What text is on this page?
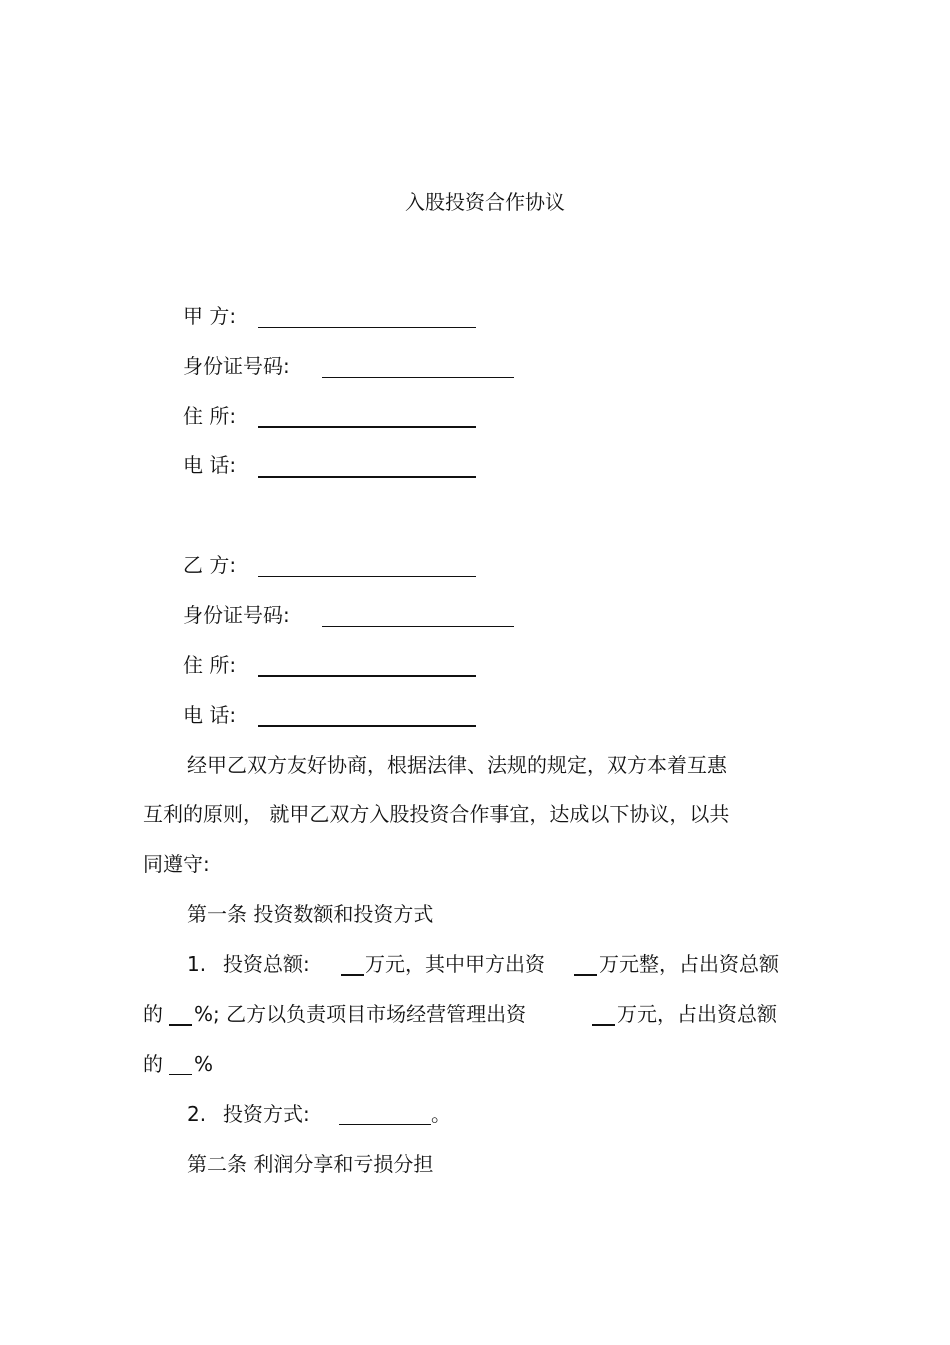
入股投资合作协议
甲 方:
身份证号码:
住 所:
电 话:
乙 方:
身份证号码:
住 所:
电 话:
经甲乙双方友好协商，根据法律、法规的规定，双方本着互惠
互利的原则， 就甲乙双方入股投资合作事宜，达成以下协议，以共
同遵守:
第一条 投资数额和投资方式
1. 投资总额:	万元，其中甲方出资	万元整，占出资总额
的 %; 乙方以负责项目市场经营管理出资	万元，占出资总额
的 %
2. 投资方式:	。
第二条 利润分享和亏损分担
